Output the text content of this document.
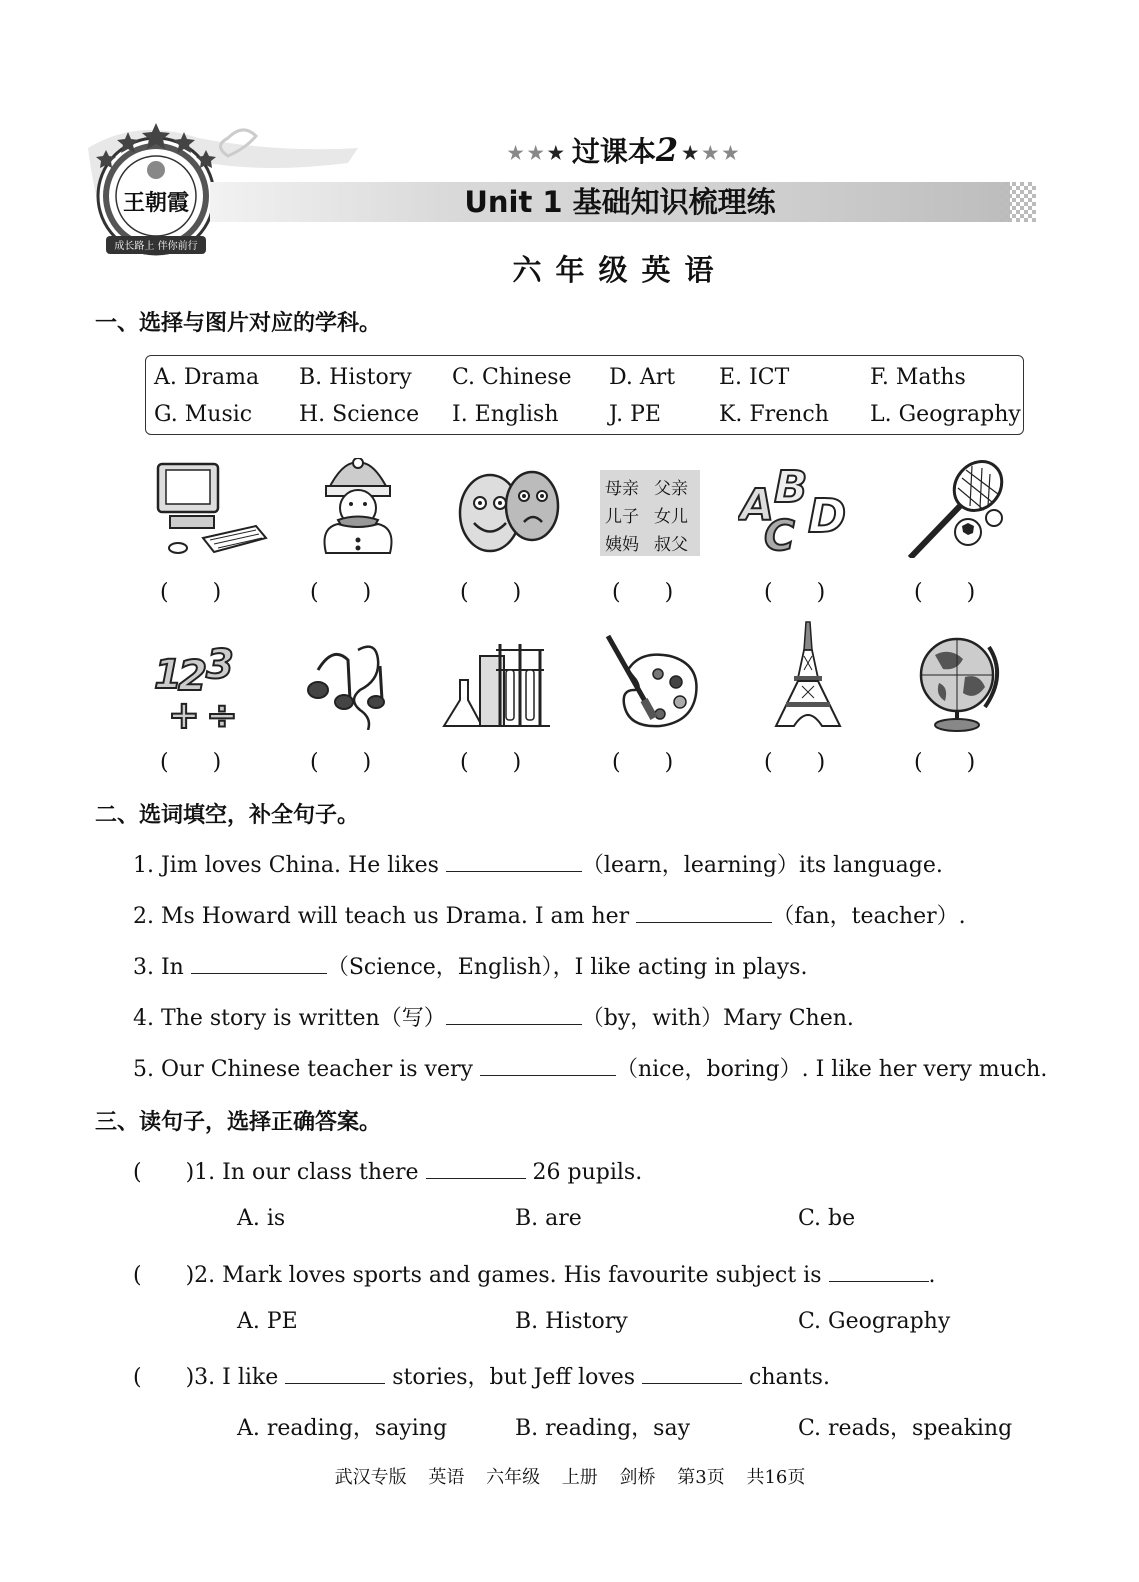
王朝霞
成长路上 伴你前行
★★★ 过课本2 ★★★
Unit 1 基础知识梳理练
六年级英语
一、选择与图片对应的学科。
A. Drama B. History C. Chinese D. Art E. ICT	F. Maths
G. Music H. Science I. English J. PE	K. French L. Geography
母亲 父亲
儿子 女儿
姨妈 叔父
A B
C D
(　　)	(　　)	(　　)	(　　)	(　　)	(　　)
1
2
3
+ ÷
(　　)	(　　)	(　　)	(　　)	(　　)	(　　)
二、选词填空，补全句子。
1. Jim loves China. He likes	（learn，learning）its language.
2. Ms Howard will teach us Drama. I am her	（fan，teacher）.
3. In	（Science，English），I like acting in plays.
4. The story is written（写）	（by，with）Mary Chen.
5. Our Chinese teacher is very	（nice，boring）. I like her very much.
三、读句子，选择正确答案。
(　　)1. In our class there	26 pupils.
A. is	B. are	C. be
(　　)2. Mark loves sports and games. His favourite subject is	.
A. PE	B. History	C. Geography
(　　)3. I like	stories，but Jeff loves	chants.
A. reading，saying	B. reading，say	C. reads，speaking
武汉专版 英语 六年级 上册 剑桥 第3页 共16页
